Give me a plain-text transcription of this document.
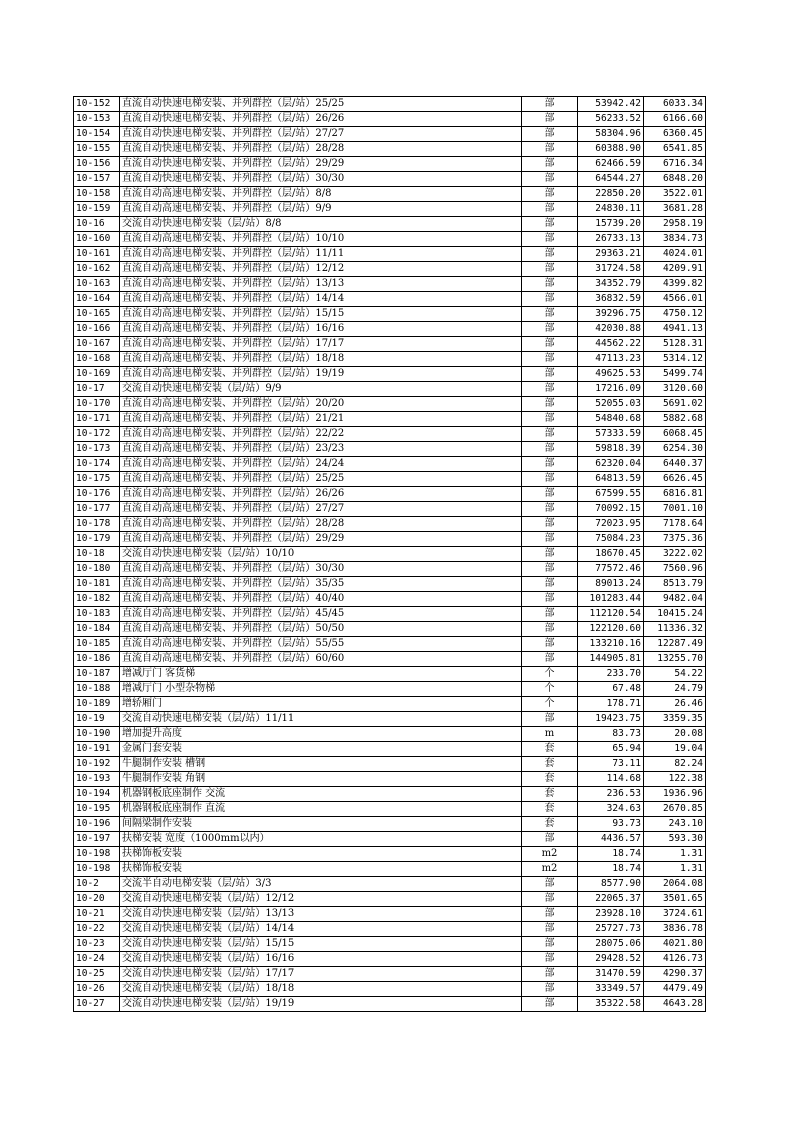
10-152	直流自动快速电梯安装、并列群控（层/站）25/25	部	53942.42	6033.34
10-153	直流自动快速电梯安装、并列群控（层/站）26/26	部	56233.52	6166.60
10-154	直流自动快速电梯安装、并列群控（层/站）27/27	部	58304.96	6360.45
10-155	直流自动快速电梯安装、并列群控（层/站）28/28	部	60388.90	6541.85
10-156	直流自动快速电梯安装、并列群控（层/站）29/29	部	62466.59	6716.34
10-157	直流自动快速电梯安装、并列群控（层/站）30/30	部	64544.27	6848.20
10-158	直流自动高速电梯安装、并列群控（层/站）8/8	部	22850.20	3522.01
10-159	直流自动高速电梯安装、并列群控（层/站）9/9	部	24830.11	3681.28
10-16	交流自动快速电梯安装（层/站）8/8	部	15739.20	2958.19
10-160	直流自动高速电梯安装、并列群控（层/站）10/10	部	26733.13	3834.73
10-161	直流自动高速电梯安装、并列群控（层/站）11/11	部	29363.21	4024.01
10-162	直流自动高速电梯安装、并列群控（层/站）12/12	部	31724.58	4209.91
10-163	直流自动高速电梯安装、并列群控（层/站）13/13	部	34352.79	4399.82
10-164	直流自动高速电梯安装、并列群控（层/站）14/14	部	36832.59	4566.01
10-165	直流自动高速电梯安装、并列群控（层/站）15/15	部	39296.75	4750.12
10-166	直流自动高速电梯安装、并列群控（层/站）16/16	部	42030.88	4941.13
10-167	直流自动高速电梯安装、并列群控（层/站）17/17	部	44562.22	5128.31
10-168	直流自动高速电梯安装、并列群控（层/站）18/18	部	47113.23	5314.12
10-169	直流自动高速电梯安装、并列群控（层/站）19/19	部	49625.53	5499.74
10-17	交流自动快速电梯安装（层/站）9/9	部	17216.09	3120.60
10-170	直流自动高速电梯安装、并列群控（层/站）20/20	部	52055.03	5691.02
10-171	直流自动高速电梯安装、并列群控（层/站）21/21	部	54840.68	5882.68
10-172	直流自动高速电梯安装、并列群控（层/站）22/22	部	57333.59	6068.45
10-173	直流自动高速电梯安装、并列群控（层/站）23/23	部	59818.39	6254.30
10-174	直流自动高速电梯安装、并列群控（层/站）24/24	部	62320.04	6440.37
10-175	直流自动高速电梯安装、并列群控（层/站）25/25	部	64813.59	6626.45
10-176	直流自动高速电梯安装、并列群控（层/站）26/26	部	67599.55	6816.81
10-177	直流自动高速电梯安装、并列群控（层/站）27/27	部	70092.15	7001.10
10-178	直流自动高速电梯安装、并列群控（层/站）28/28	部	72023.95	7178.64
10-179	直流自动高速电梯安装、并列群控（层/站）29/29	部	75084.23	7375.36
10-18	交流自动快速电梯安装（层/站）10/10	部	18670.45	3222.02
10-180	直流自动高速电梯安装、并列群控（层/站）30/30	部	77572.46	7560.96
10-181	直流自动高速电梯安装、并列群控（层/站）35/35	部	89013.24	8513.79
10-182	直流自动高速电梯安装、并列群控（层/站）40/40	部	101283.44	9482.04
10-183	直流自动高速电梯安装、并列群控（层/站）45/45	部	112120.54	10415.24
10-184	直流自动高速电梯安装、并列群控（层/站）50/50	部	122120.60	11336.32
10-185	直流自动高速电梯安装、并列群控（层/站）55/55	部	133210.16	12287.49
10-186	直流自动高速电梯安装、并列群控（层/站）60/60	部	144905.81	13255.70
10-187	增减厅门 客货梯	个	233.70	54.22
10-188	增减厅门 小型杂物梯	个	67.48	24.79
10-189	增轿厢门	个	178.71	26.46
10-19	交流自动快速电梯安装（层/站）11/11	部	19423.75	3359.35
10-190	增加提升高度	m	83.73	20.08
10-191	金属门套安装	套	65.94	19.04
10-192	牛腿制作安装 槽钢	套	73.11	82.24
10-193	牛腿制作安装 角钢	套	114.68	122.38
10-194	机器钢板底座制作 交流	套	236.53	1936.96
10-195	机器钢板底座制作 直流	套	324.63	2670.85
10-196	间隔梁制作安装	套	93.73	243.10
10-197	扶梯安装 宽度（1000mm以内）	部	4436.57	593.30
10-198	扶梯饰板安装	m2	18.74	1.31
10-198	扶梯饰板安装	m2	18.74	1.31
10-2	交流半自动电梯安装（层/站）3/3	部	8577.90	2064.08
10-20	交流自动快速电梯安装（层/站）12/12	部	22065.37	3501.65
10-21	交流自动快速电梯安装（层/站）13/13	部	23928.10	3724.61
10-22	交流自动快速电梯安装（层/站）14/14	部	25727.73	3836.78
10-23	交流自动快速电梯安装（层/站）15/15	部	28075.06	4021.80
10-24	交流自动快速电梯安装（层/站）16/16	部	29428.52	4126.73
10-25	交流自动快速电梯安装（层/站）17/17	部	31470.59	4290.37
10-26	交流自动快速电梯安装（层/站）18/18	部	33349.57	4479.49
10-27	交流自动快速电梯安装（层/站）19/19	部	35322.58	4643.28
